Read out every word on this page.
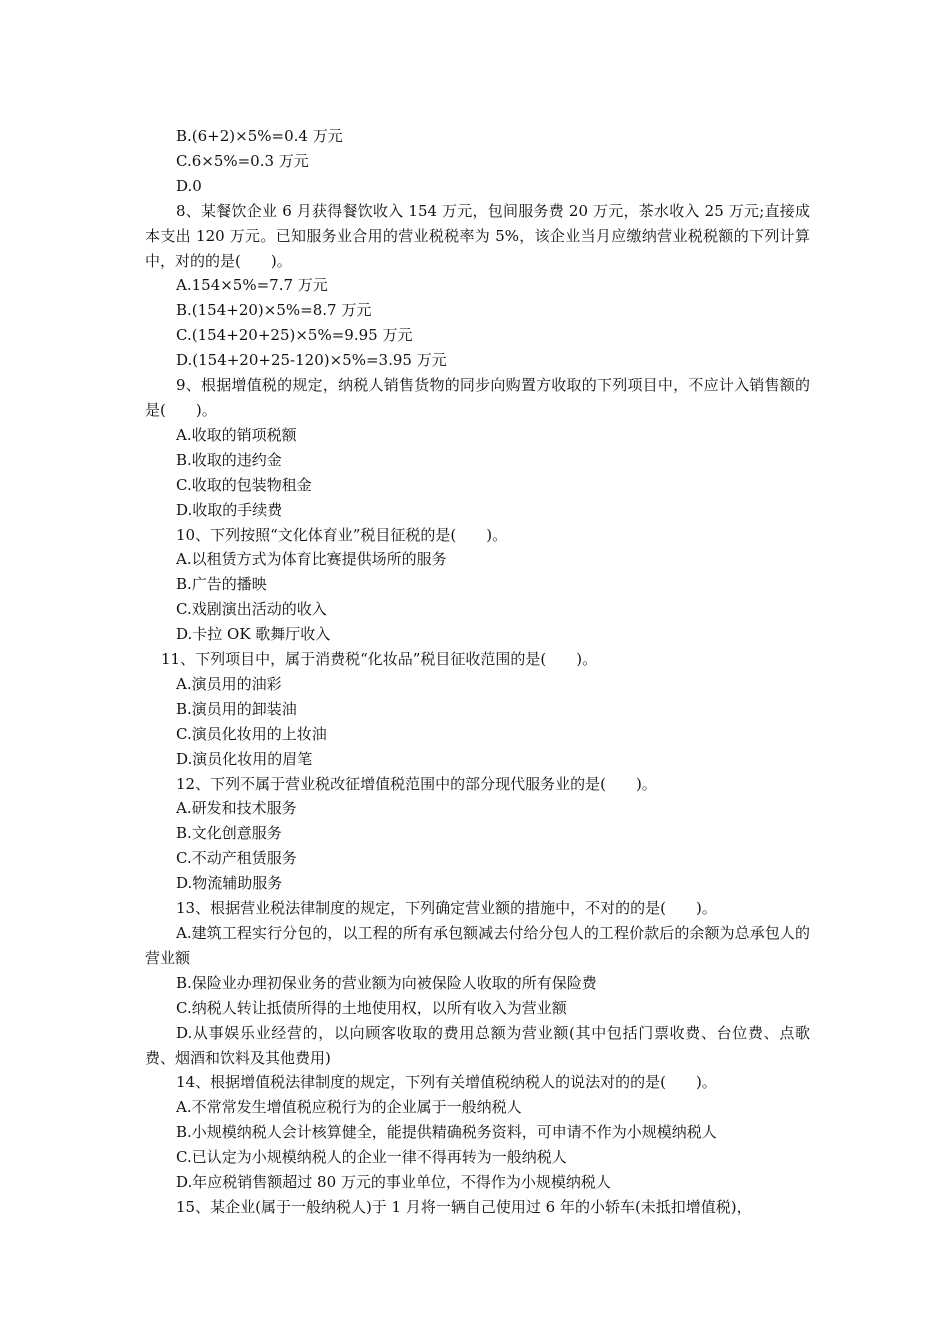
B.(6+2)×5%=0.4 万元

C.6×5%=0.3 万元

D.0

8、某餐饮企业 6 月获得餐饮收入 154 万元，包间服务费 20 万元，茶水收入 25 万元;直接成本支出 120 万元。已知服务业合用的营业税税率为 5%，该企业当月应缴纳营业税税额的下列计算中，对的的是(　　)。

A.154×5%=7.7 万元

B.(154+20)×5%=8.7 万元

C.(154+20+25)×5%=9.95 万元

D.(154+20+25-120)×5%=3.95 万元

9、根据增值税的规定，纳税人销售货物的同步向购置方收取的下列项目中，不应计入销售额的是(　　)。

A.收取的销项税额

B.收取的违约金

C.收取的包装物租金

D.收取的手续费

10、下列按照“文化体育业”税目征税的是(　　)。

A.以租赁方式为体育比赛提供场所的服务

B.广告的播映

C.戏剧演出活动的收入

D.卡拉 OK 歌舞厅收入

11、下列项目中，属于消费税“化妆品”税目征收范围的是(　　)。

A.演员用的油彩

B.演员用的卸装油

C.演员化妆用的上妆油

D.演员化妆用的眉笔

12、下列不属于营业税改征增值税范围中的部分现代服务业的是(　　)。

A.研发和技术服务

B.文化创意服务

C.不动产租赁服务

D.物流辅助服务

13、根据营业税法律制度的规定，下列确定营业额的措施中，不对的的是(　　)。

A.建筑工程实行分包的，以工程的所有承包额减去付给分包人的工程价款后的余额为总承包人的营业额

B.保险业办理初保业务的营业额为向被保险人收取的所有保险费

C.纳税人转让抵债所得的土地使用权，以所有收入为营业额

D.从事娱乐业经营的，以向顾客收取的费用总额为营业额(其中包括门票收费、台位费、点歌费、烟酒和饮料及其他费用)

14、根据增值税法律制度的规定，下列有关增值税纳税人的说法对的的是(　　)。

A.不常常发生增值税应税行为的企业属于一般纳税人

B.小规模纳税人会计核算健全，能提供精确税务资料，可申请不作为小规模纳税人

C.已认定为小规模纳税人的企业一律不得再转为一般纳税人

D.年应税销售额超过 80 万元的事业单位，不得作为小规模纳税人

15、某企业(属于一般纳税人)于 1 月将一辆自己使用过 6 年的小轿车(未抵扣增值税)，
